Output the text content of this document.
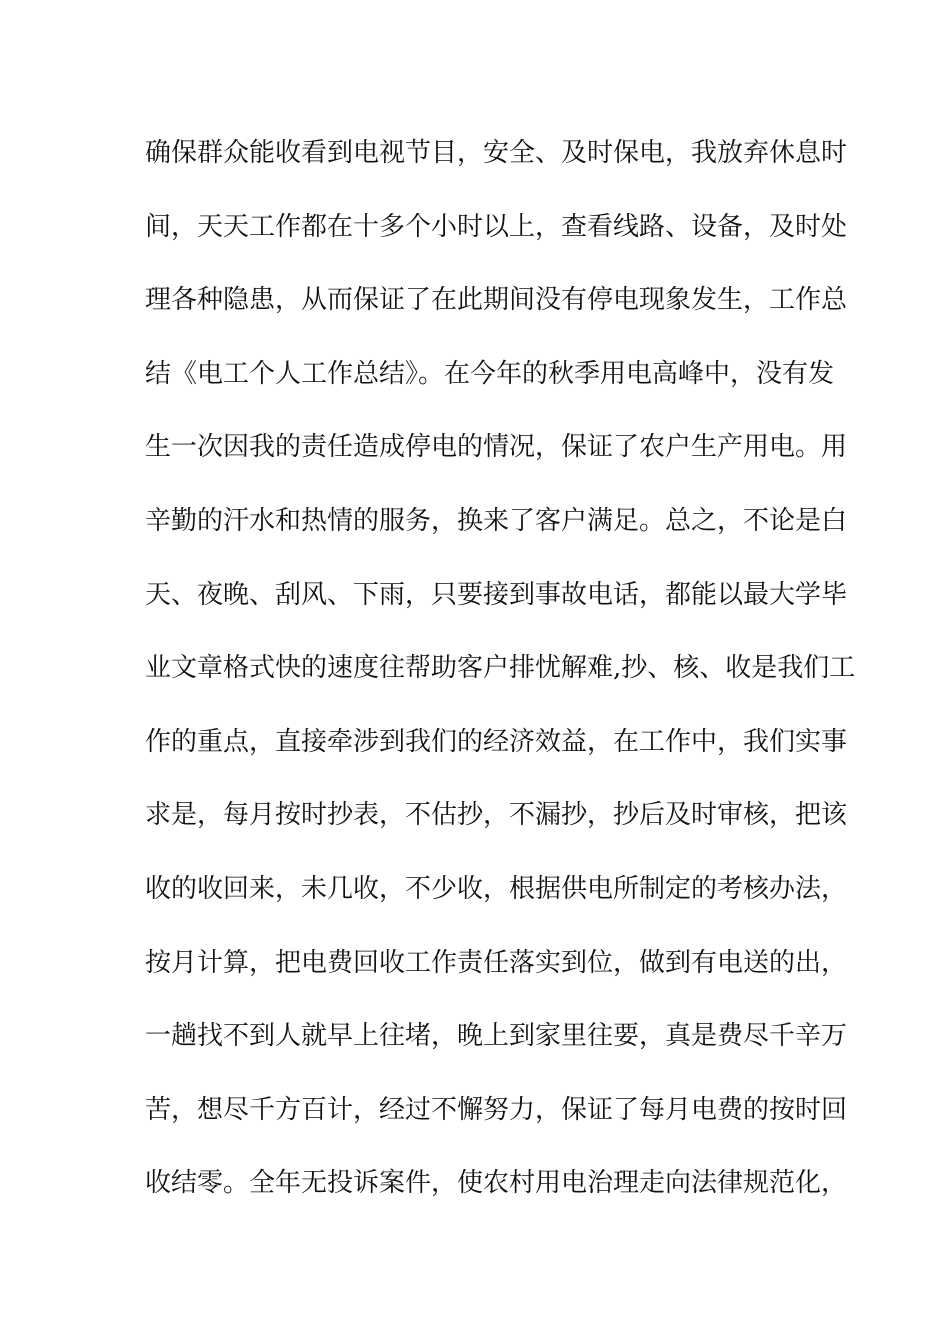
确保群众能收看到电视节目，安全、及时保电，我放弃休息时
间，天天工作都在十多个小时以上，查看线路、设备，及时处
理各种隐患，从而保证了在此期间没有停电现象发生，工作总
结《电工个人工作总结》。在今年的秋季用电高峰中，没有发
生一次因我的责任造成停电的情况，保证了农户生产用电。用
辛勤的汗水和热情的服务，换来了客户满足。总之，不论是白
天、夜晚、刮风、下雨，只要接到事故电话，都能以最大学毕
业文章格式快的速度往帮助客户排忧解难,抄、核、收是我们工
作的重点，直接牵涉到我们的经济效益，在工作中，我们实事
求是，每月按时抄表，不估抄，不漏抄，抄后及时审核，把该
收的收回来，未几收，不少收，根据供电所制定的考核办法，
按月计算，把电费回收工作责任落实到位，做到有电送的出，
一趟找不到人就早上往堵，晚上到家里往要，真是费尽千辛万
苦，想尽千方百计，经过不懈努力，保证了每月电费的按时回
收结零。全年无投诉案件，使农村用电治理走向法律规范化，
